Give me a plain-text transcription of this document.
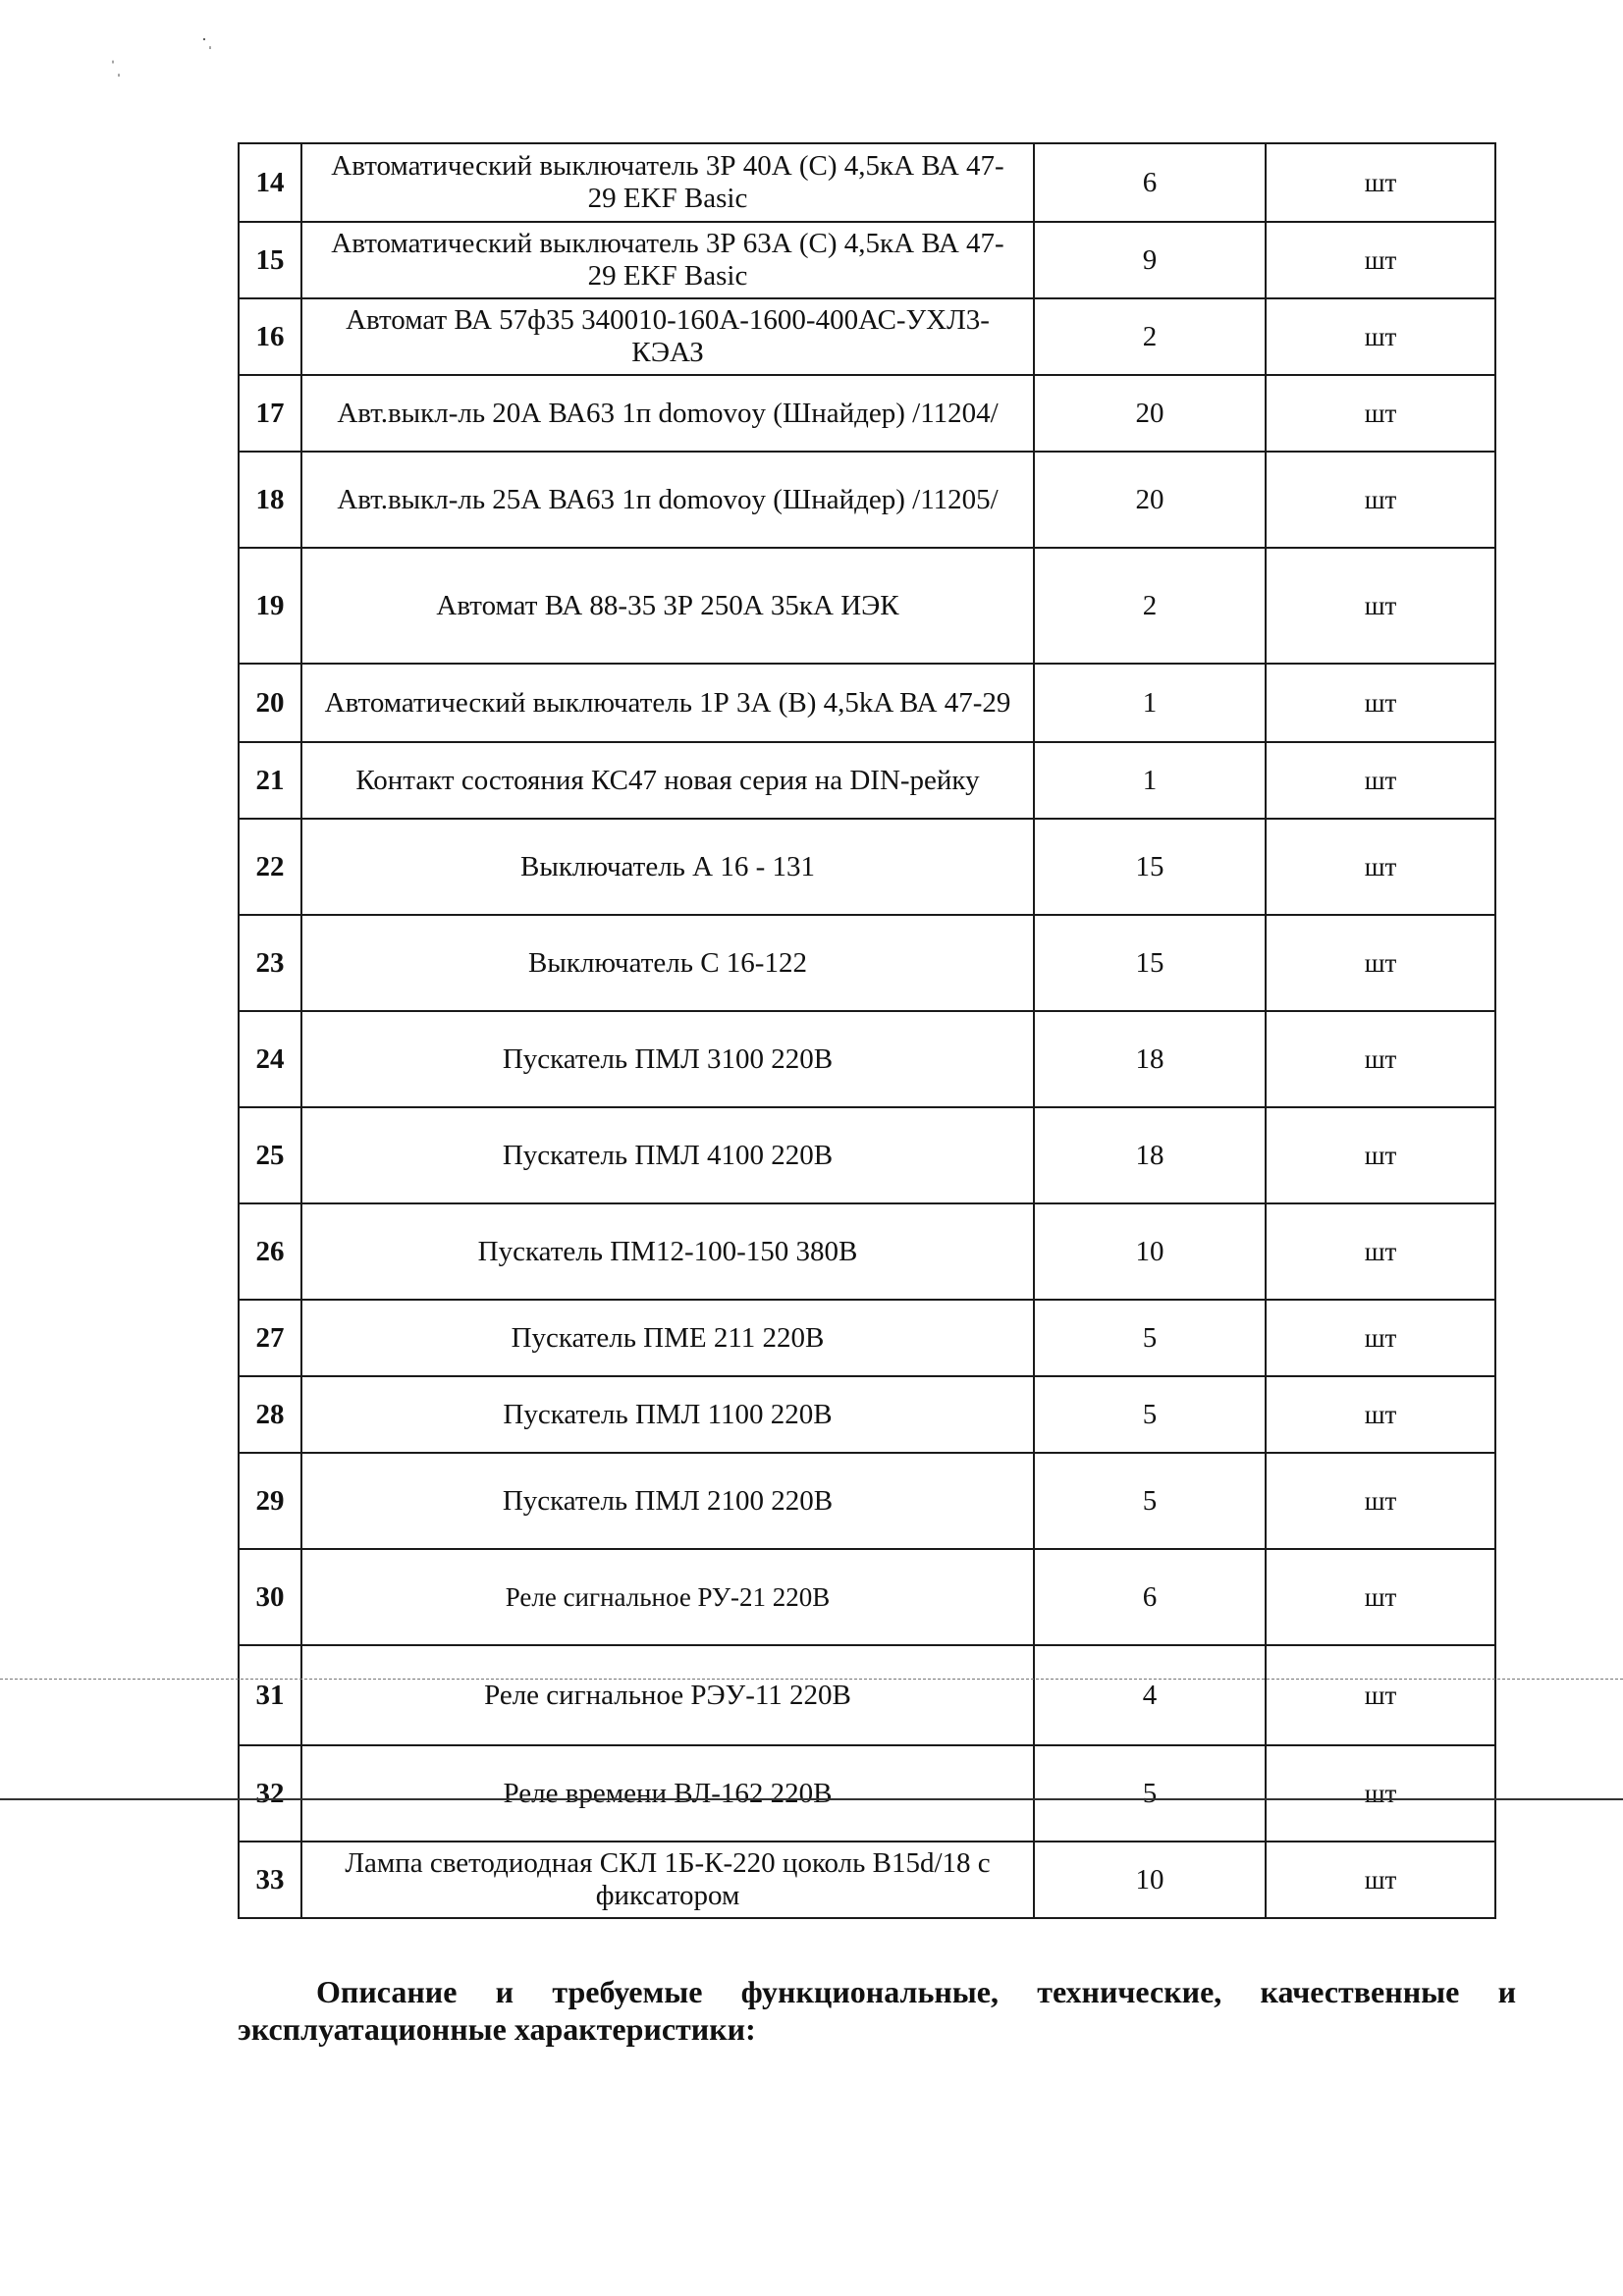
·ˌ
ˈˌ
14	Автоматический выключатель 3Р 40А (С) 4,5кА ВА 47-29 EKF Basic	6	шт
15	Автоматический выключатель 3Р 63А (С) 4,5кА ВА 47-29 EKF Basic	9	шт
16	Автомат ВА 57ф35 340010-160А-1600-400АС-УХЛ3-КЭАЗ	2	шт
17	Авт.выкл-ль 20А ВА63 1п domovoy (Шнайдер) /11204/	20	шт
18	Авт.выкл-ль 25А ВА63 1п domovoy (Шнайдер) /11205/	20	шт
19	Автомат ВА 88-35 3Р 250А 35кА ИЭК	2	шт
20	Автоматический выключатель 1Р 3А (В) 4,5kA ВА 47-29	1	шт
21	Контакт состояния КС47 новая серия на DIN-рейку	1	шт
22	Выключатель А 16 - 131	15	шт
23	Выключатель С 16-122	15	шт
24	Пускатель ПМЛ 3100 220В	18	шт
25	Пускатель ПМЛ 4100 220В	18	шт
26	Пускатель ПМ12-100-150 380В	10	шт
27	Пускатель ПМЕ 211 220В	5	шт
28	Пускатель ПМЛ 1100 220В	5	шт
29	Пускатель ПМЛ 2100 220В	5	шт
30	Реле сигнальное РУ-21 220В	6	шт
31	Реле сигнальное РЭУ-11 220В	4	шт
32	Реле времени ВЛ-162 220В	5	шт
33	Лампа светодиодная СКЛ 1Б-К-220 цоколь В15d/18 с фиксатором	10	шт
Описание и требуемые функциональные, технические, качественные и эксплуатационные характеристики:
